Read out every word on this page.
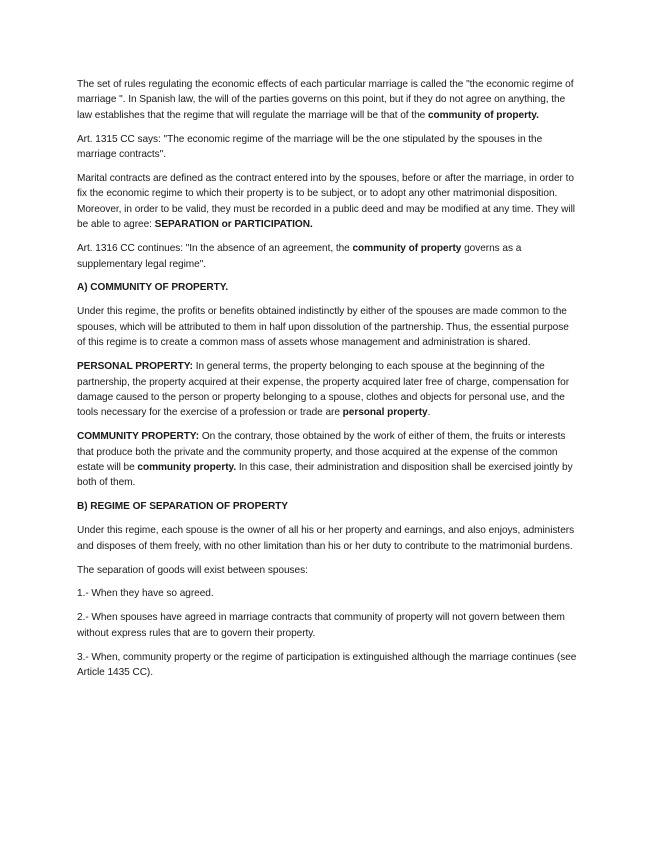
The set of rules regulating the economic effects of each particular marriage is called the "the economic regime of marriage ". In Spanish law, the will of the parties governs on this point, but if they do not agree on anything, the law establishes that the regime that will regulate the marriage will be that of the community of property.

Art. 1315 CC says: "The economic regime of the marriage will be the one stipulated by the spouses in the marriage contracts".

Marital contracts are defined as the contract entered into by the spouses, before or after the marriage, in order to fix the economic regime to which their property is to be subject, or to adopt any other matrimonial disposition. Moreover, in order to be valid, they must be recorded in a public deed and may be modified at any time. They will be able to agree: SEPARATION or PARTICIPATION.

Art. 1316 CC continues: "In the absence of an agreement, the community of property governs as a supplementary legal regime".

A) COMMUNITY OF PROPERTY.

Under this regime, the profits or benefits obtained indistinctly by either of the spouses are made common to the spouses, which will be attributed to them in half upon dissolution of the partnership. Thus, the essential purpose of this regime is to create a common mass of assets whose management and administration is shared.

PERSONAL PROPERTY: In general terms, the property belonging to each spouse at the beginning of the partnership, the property acquired at their expense, the property acquired later free of charge, compensation for damage caused to the person or property belonging to a spouse, clothes and objects for personal use, and the tools necessary for the exercise of a profession or trade are personal property.

COMMUNITY PROPERTY: On the contrary, those obtained by the work of either of them, the fruits or interests that produce both the private and the community property, and those acquired at the expense of the common estate will be community property. In this case, their administration and disposition shall be exercised jointly by both of them.

B) REGIME OF SEPARATION OF PROPERTY

Under this regime, each spouse is the owner of all his or her property and earnings, and also enjoys, administers and disposes of them freely, with no other limitation than his or her duty to contribute to the matrimonial burdens.

The separation of goods will exist between spouses:

1.- When they have so agreed.

2.- When spouses have agreed in marriage contracts that community of property will not govern between them without express rules that are to govern their property.

3.- When, community property or the regime of participation is extinguished although the marriage continues (see Article 1435 CC).
